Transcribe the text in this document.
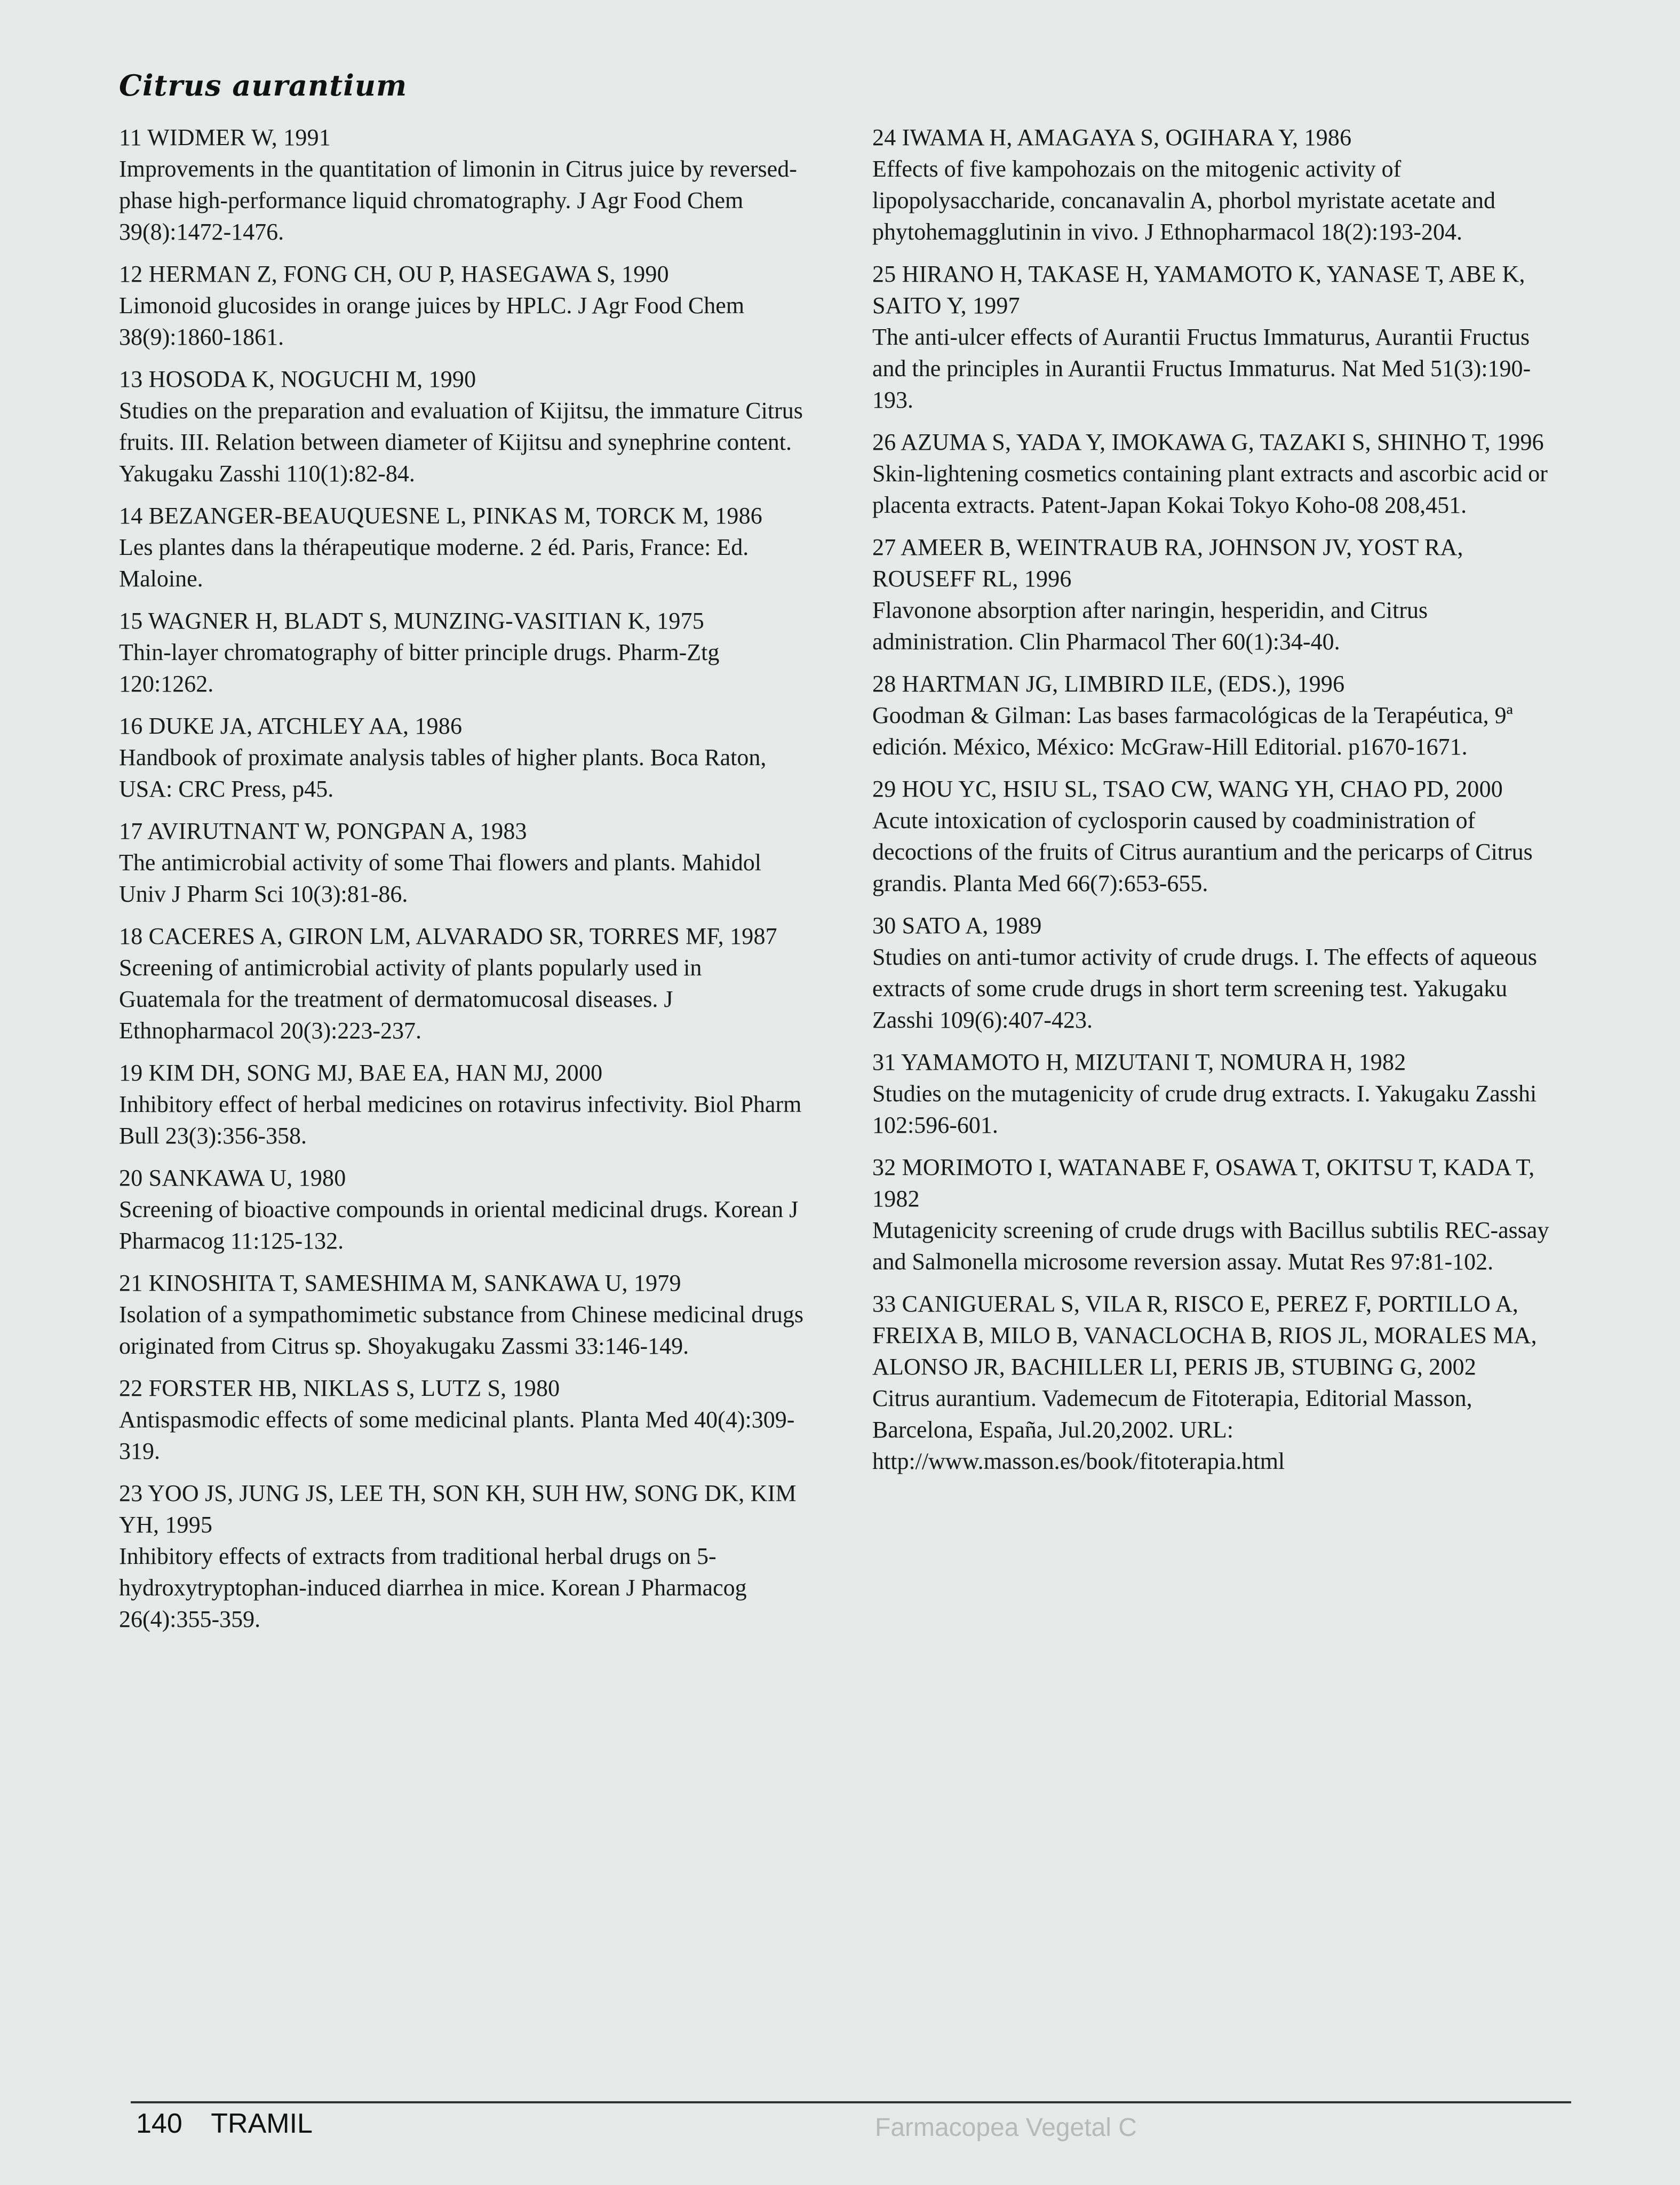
Citrus aurantium
11 WIDMER W, 1991
Improvements in the quantitation of limonin in Citrus juice by reversed-phase high-performance liquid chromatography. J Agr Food Chem 39(8):1472-1476.
12 HERMAN Z, FONG CH, OU P, HASEGAWA S, 1990
Limonoid glucosides in orange juices by HPLC. J Agr Food Chem 38(9):1860-1861.
13 HOSODA K, NOGUCHI M, 1990
Studies on the preparation and evaluation of Kijitsu, the immature Citrus fruits. III. Relation between diameter of Kijitsu and synephrine content. Yakugaku Zasshi 110(1):82-84.
14 BEZANGER-BEAUQUESNE L, PINKAS M, TORCK M, 1986
Les plantes dans la thérapeutique moderne. 2 éd. Paris, France: Ed. Maloine.
15 WAGNER H, BLADT S, MUNZING-VASITIAN K, 1975
Thin-layer chromatography of bitter principle drugs. Pharm-Ztg 120:1262.
16 DUKE JA, ATCHLEY AA, 1986
Handbook of proximate analysis tables of higher plants. Boca Raton, USA: CRC Press, p45.
17 AVIRUTNANT W, PONGPAN A, 1983
The antimicrobial activity of some Thai flowers and plants. Mahidol Univ J Pharm Sci 10(3):81-86.
18 CACERES A, GIRON LM, ALVARADO SR, TORRES MF, 1987
Screening of antimicrobial activity of plants popularly used in Guatemala for the treatment of dermatomucosal diseases. J Ethnopharmacol 20(3):223-237.
19 KIM DH, SONG MJ, BAE EA, HAN MJ, 2000
Inhibitory effect of herbal medicines on rotavirus infectivity. Biol Pharm Bull 23(3):356-358.
20 SANKAWA U, 1980
Screening of bioactive compounds in oriental medicinal drugs. Korean J Pharmacog 11:125-132.
21 KINOSHITA T, SAMESHIMA M, SANKAWA U, 1979
Isolation of a sympathomimetic substance from Chinese medicinal drugs originated from Citrus sp. Shoyakugaku Zassmi 33:146-149.
22 FORSTER HB, NIKLAS S, LUTZ S, 1980
Antispasmodic effects of some medicinal plants. Planta Med 40(4):309-319.
23 YOO JS, JUNG JS, LEE TH, SON KH, SUH HW, SONG DK, KIM YH, 1995
Inhibitory effects of extracts from traditional herbal drugs on 5-hydroxytryptophan-induced diarrhea in mice. Korean J Pharmacog 26(4):355-359.
24 IWAMA H, AMAGAYA S, OGIHARA Y, 1986
Effects of five kampohozais on the mitogenic activity of lipopolysaccharide, concanavalin A, phorbol myristate acetate and phytohemagglutinin in vivo. J Ethnopharmacol 18(2):193-204.
25 HIRANO H, TAKASE H, YAMAMOTO K, YANASE T, ABE K, SAITO Y, 1997
The anti-ulcer effects of Aurantii Fructus Immaturus, Aurantii Fructus and the principles in Aurantii Fructus Immaturus. Nat Med 51(3):190-193.
26 AZUMA S, YADA Y, IMOKAWA G, TAZAKI S, SHINHO T, 1996
Skin-lightening cosmetics containing plant extracts and ascorbic acid or placenta extracts. Patent-Japan Kokai Tokyo Koho-08 208,451.
27 AMEER B, WEINTRAUB RA, JOHNSON JV, YOST RA, ROUSEFF RL, 1996
Flavonone absorption after naringin, hesperidin, and Citrus administration. Clin Pharmacol Ther 60(1):34-40.
28 HARTMAN JG, LIMBIRD ILE, (EDS.), 1996
Goodman & Gilman: Las bases farmacológicas de la Terapéutica, 9ª edición. México, México: McGraw-Hill Editorial. p1670-1671.
29 HOU YC, HSIU SL, TSAO CW, WANG YH, CHAO PD, 2000
Acute intoxication of cyclosporin caused by coadministration of decoctions of the fruits of Citrus aurantium and the pericarps of Citrus grandis. Planta Med 66(7):653-655.
30 SATO A, 1989
Studies on anti-tumor activity of crude drugs. I. The effects of aqueous extracts of some crude drugs in short term screening test. Yakugaku Zasshi 109(6):407-423.
31 YAMAMOTO H, MIZUTANI T, NOMURA H, 1982
Studies on the mutagenicity of crude drug extracts. I. Yakugaku Zasshi 102:596-601.
32 MORIMOTO I, WATANABE F, OSAWA T, OKITSU T, KADA T, 1982
Mutagenicity screening of crude drugs with Bacillus subtilis REC-assay and Salmonella microsome reversion assay. Mutat Res 97:81-102.
33 CANIGUERAL S, VILA R, RISCO E, PEREZ F, PORTILLO A, FREIXA B, MILO B, VANACLOCHA B, RIOS JL, MORALES MA, ALONSO JR, BACHILLER LI, PERIS JB, STUBING G, 2002
Citrus aurantium. Vademecum de Fitoterapia, Editorial Masson, Barcelona, España, Jul.20,2002. URL: http://www.masson.es/book/fitoterapia.html
140 TRAMIL	Farmacopea Vegetal C
